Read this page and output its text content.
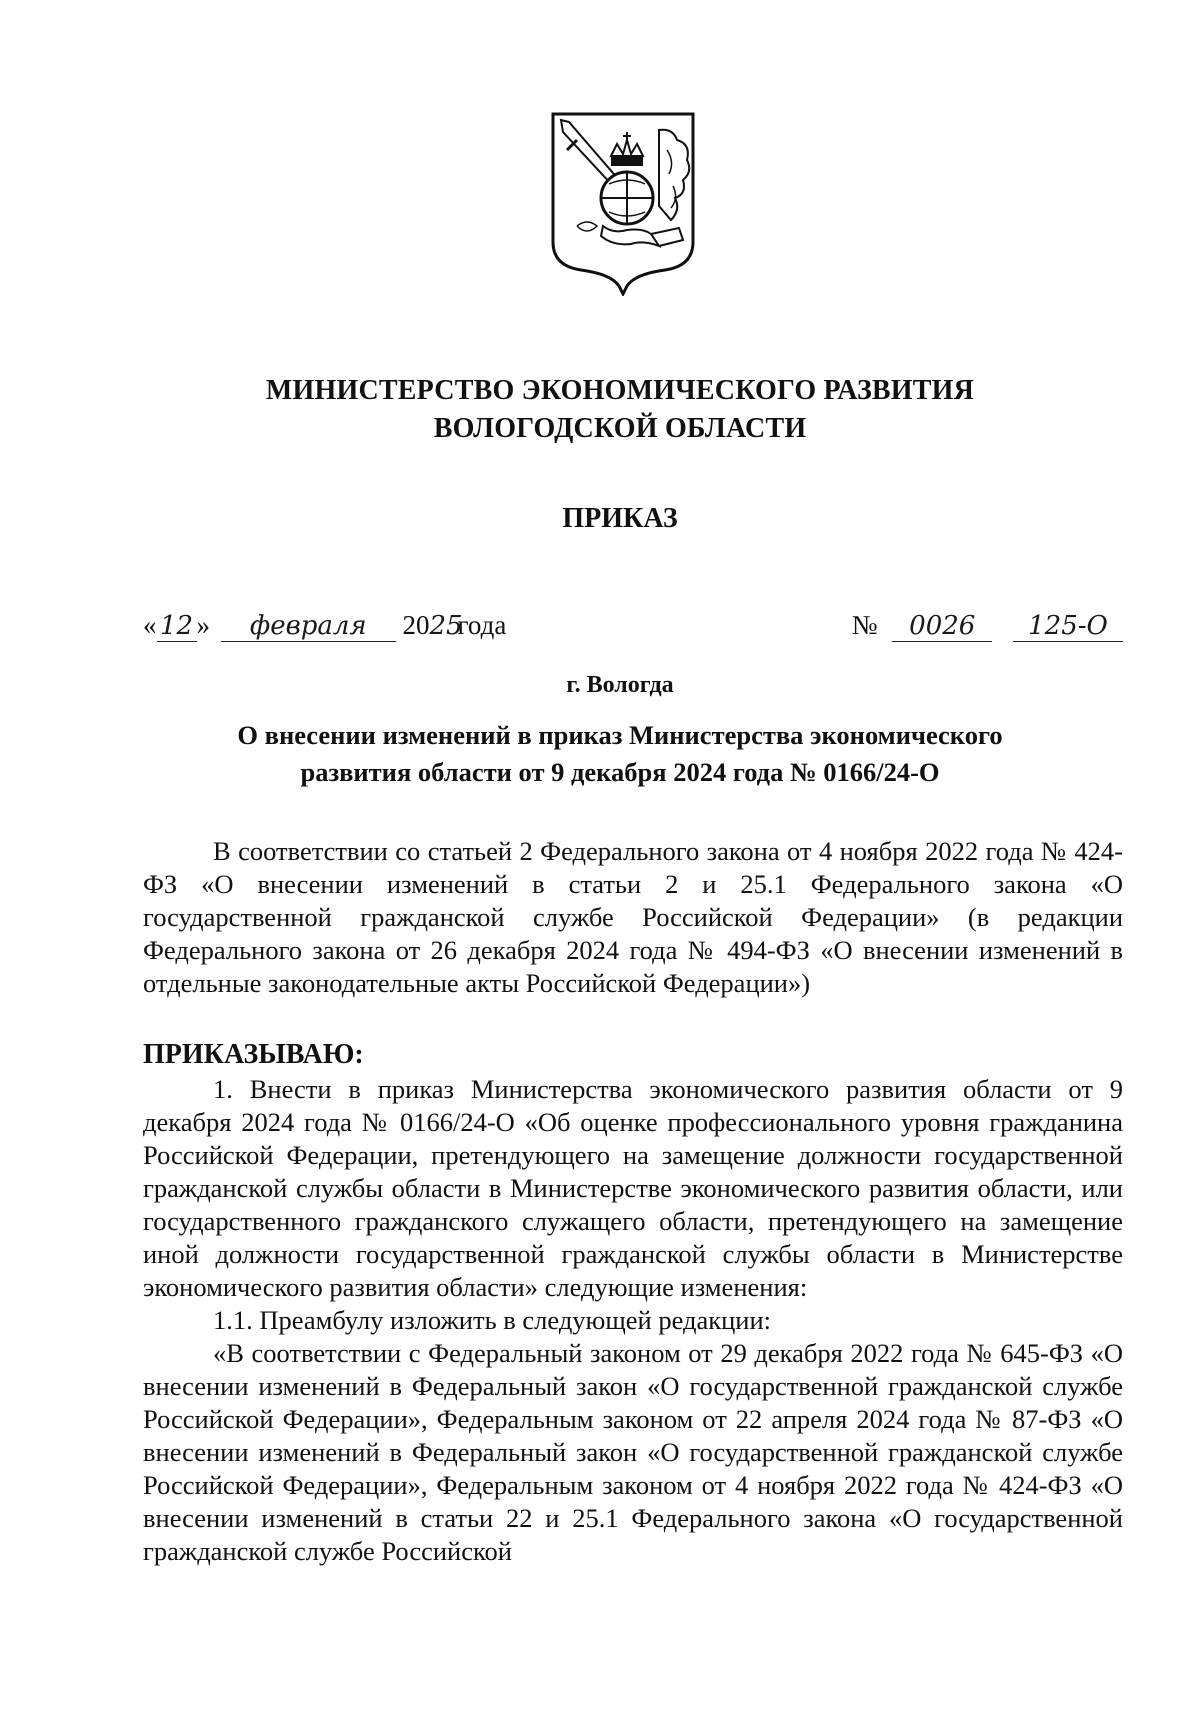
МИНИСТЕРСТВО ЭКОНОМИЧЕСКОГО РАЗВИТИЯ
ВОЛОГОДСКОЙ ОБЛАСТИ
ПРИКАЗ
« 12 » февраля 2025года	№ 0026 125-О
г. Вологда
О внесении изменений в приказ Министерства экономического
развития области от 9 декабря 2024 года № 0166/24-О

В соответствии со статьей 2 Федерального закона от 4 ноября 2022 года № 424-ФЗ «О внесении изменений в статьи 2 и 25.1 Федерального закона «О государственной гражданской службе Российской Федерации» (в редакции Федерального закона от 26 декабря 2024 года № 494-ФЗ «О внесении изменений в отдельные законодательные акты Российской Федерации»)

ПРИКАЗЫВАЮ:

1. Внести в приказ Министерства экономического развития области от 9 декабря 2024 года № 0166/24-О «Об оценке профессионального уровня гражданина Российской Федерации, претендующего на замещение должности государственной гражданской службы области в Министерстве экономического развития области, или государственного гражданского служащего области, претендующего на замещение иной должности государственной гражданской службы области в Министерстве экономического развития области» следующие изменения:

1.1. Преамбулу изложить в следующей редакции:

«В соответствии с Федеральный законом от 29 декабря 2022 года № 645-ФЗ «О внесении изменений в Федеральный закон «О государственной гражданской службе Российской Федерации», Федеральным законом от 22 апреля 2024 года № 87-ФЗ «О внесении изменений в Федеральный закон «О государственной гражданской службе Российской Федерации», Федеральным законом от 4 ноября 2022 года № 424-ФЗ «О внесении изменений в статьи 22 и 25.1 Федерального закона «О государственной гражданской службе Российской
